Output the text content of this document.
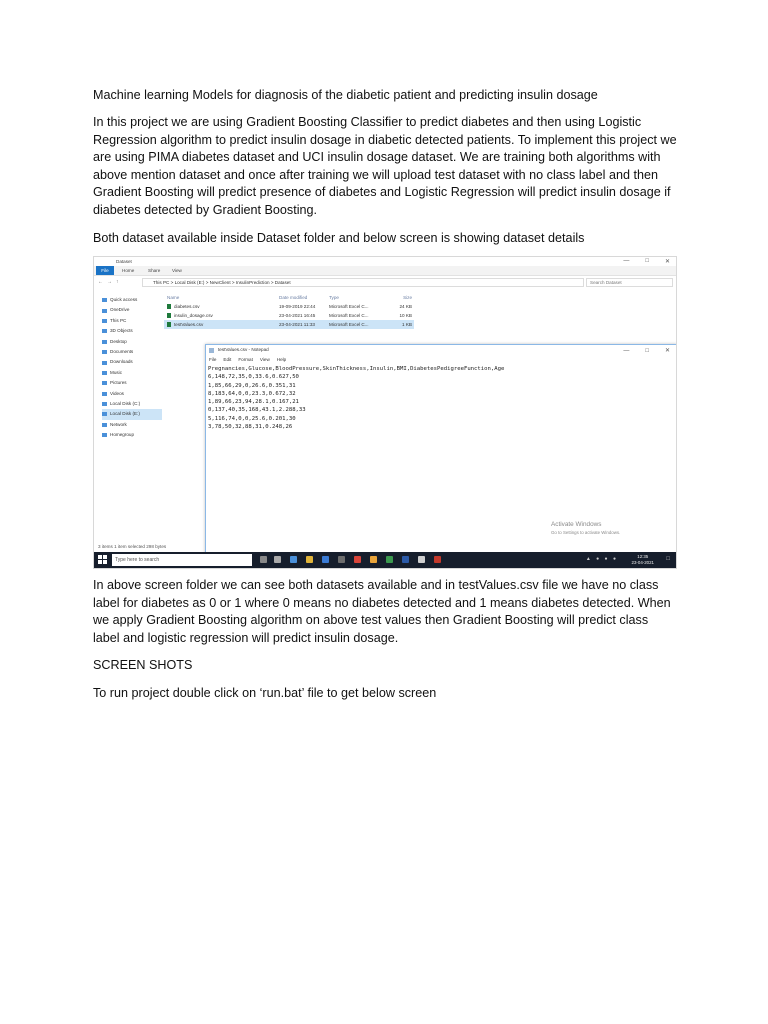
Machine learning Models for diagnosis of the diabetic patient and predicting insulin dosage
In this project we are using Gradient Boosting Classifier to predict diabetes and then using Logistic Regression algorithm to predict insulin dosage in diabetic detected patients. To implement this project we are using PIMA diabetes dataset and UCI insulin dosage dataset. We are training both algorithms with above mention dataset and once after training we will upload test dataset with no class label and then Gradient Boosting will predict presence of diabetes and Logistic Regression will predict insulin dosage if diabetes detected by Gradient Boosting.
Both dataset available inside Dataset folder and below screen is showing dataset details
Dataset	—	□	✕
File	Home	Share	View
←→↑	This PC > Local Disk (E:) > NewClient > InsulinPrediction > Dataset	Search Dataset
Quick access
OneDrive
This PC
3D Objects
Desktop
Documents
Downloads
Music
Pictures
Videos
Local Disk (C:)
Local Disk (E:)
Network
Homegroup
Name	Date modified	Type	Size
diabetes.csv	19-09-2019 22:44	Microsoft Excel C...	24 KB
insulin_dosage.csv	23-04-2021 16:45	Microsoft Excel C...	10 KB
testValues.csv	23-04-2021 11:33	Microsoft Excel C...	1 KB
3 items 1 item selected 298 bytes
testValues.csv - Notepad	—	□	✕
File Edit Format View Help
Pregnancies,Glucose,BloodPressure,SkinThickness,Insulin,BMI,DiabetesPedigreeFunction,Age
6,148,72,35,0,33.6,0.627,50
1,85,66,29,0,26.6,0.351,31
8,183,64,0,0,23.3,0.672,32
1,89,66,23,94,28.1,0.167,21
0,137,40,35,168,43.1,2.288,33
5,116,74,0,0,25.6,0.201,30
3,78,50,32,88,31,0.248,26
Activate Windows
Go to Settings to activate Windows.
Type here to search	▲ ● ● ●	12:35
23-04-2021
□
In above screen folder we can see both datasets available and in testValues.csv file we have no class label for diabetes as 0 or 1 where 0 means no diabetes detected and 1 means diabetes detected. When we apply Gradient Boosting algorithm on above test values then Gradient Boosting will predict class label and logistic regression will predict insulin dosage.
SCREEN SHOTS
To run project double click on ‘run.bat’ file to get below screen
